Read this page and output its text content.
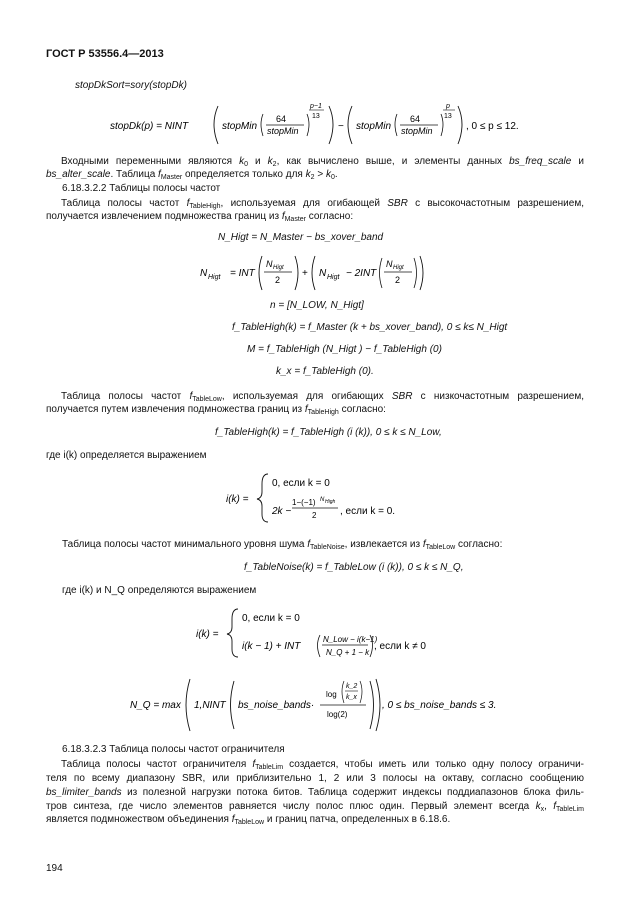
ГОСТ Р 53556.4—2013
stopDkSort=sory(stopDk)
stopDk(p) = NINT	stopMin
64
stopMin
p−1
13
− stopMin
64
stopMin
p
13
, 0 ≤ p ≤ 12.
Входными переменными являются $k_0$ и $k_2$, как вычислено выше, и элементы данных bs_freq_scale и
bs_alter_scale. Таблица $f_{Master}$ определяется только для $k_2 > k_0$.
6.18.3.2.2 Таблицы полосы частот
Таблица полосы частот $f_{TableHigh}$, используемая для огибающей SBR с высокочастотным разрешением,
получается извлечением подмножества границ из $f_{Master}$ согласно:
N_Higt = N_Master − bs_xover_band
N Higt = INT
N Higt
2
+ N Higt − 2INT
N Higt
2
n = [N_LOW, N_Higt]
f_TableHigh(k) = f_Master (k + bs_xover_band), 0 ≤ k≤ N_Higt
M = f_TableHigh (N_Higt ) − f_TableHigh (0)
k_x = f_TableHigh (0).
Таблица полосы частот $f_{TableLow}$, используемая для огибающих SBR с низкочастотным разрешением,
получается путем извлечения подмножества границ из $f_{TableHigh}$ согласно:
f_TableHigh(k) = f_TableHigh (i (k)), 0 ≤ k ≤ N_Low,
где i(k) определяется выражением
i(k) =
0, если k = 0
2k −
1−(−1) N High
2 , если k = 0.
Таблица полосы частот минимального уровня шума $f_{TableNoise}$, извлекается из $f_{TableLow}$ согласно:
f_TableNoise(k) = f_TableLow (i (k)), 0 ≤ k ≤ N_Q,
где i(k) и N_Q определяются выражением
i(k) =
0, если k = 0
i(k − 1) + INT
N_Low − i(k−1)
N_Q + 1 − k
, если k ≠ 0
N_Q = max 1,NINT bs_noise_bands·
log
k_2
k_x
log(2)
, 0 ≤ bs_noise_bands ≤ 3.
6.18.3.2.3 Таблица полосы частот ограничителя
Таблица полосы частот ограничителя $f_{TableLim}$ создается, чтобы иметь или только одну полосу ограничи-
теля по всему диапазону SBR, или приблизительно 1, 2 или 3 полосы на октаву, согласно сообщению
bs_limiter_bands из полезной нагрузки потока битов. Таблица содержит индексы поддиапазонов блока филь-
тров синтеза, где число элементов равняется числу полос плюс один. Первый элемент всегда $k_x$, $f_{TableLim}$
является подмножеством объединения $f_{TableLow}$ и границ патча, определенных в 6.18.6.
194
